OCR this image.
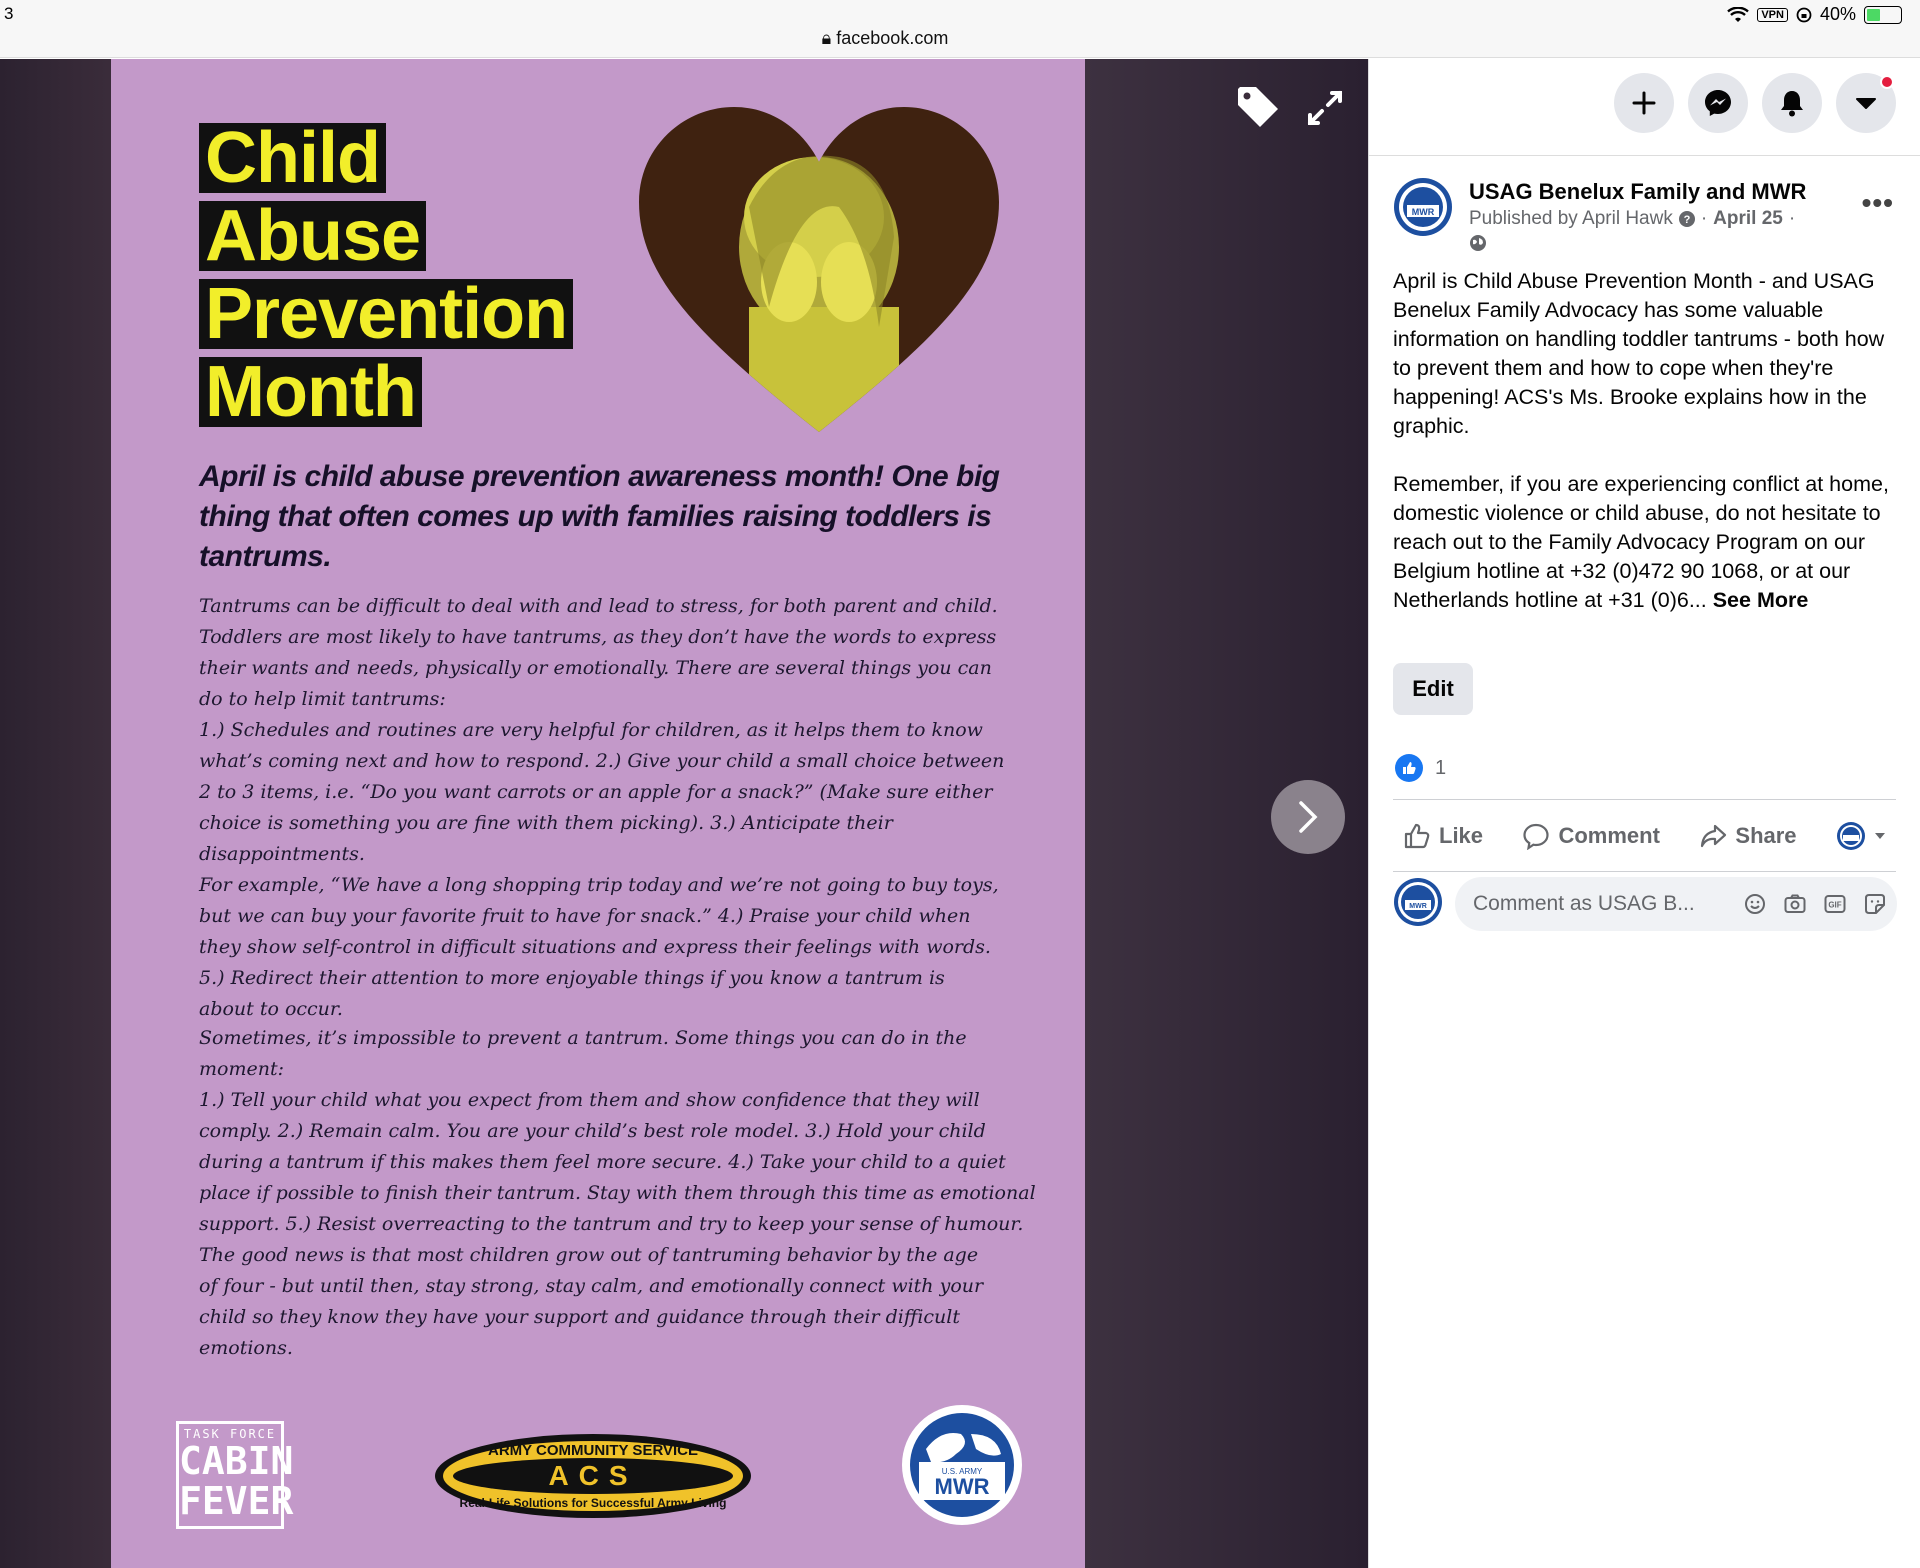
3	VPN 40%
🔒︎ facebook.com
Child
Abuse
Prevention
Month
April is child abuse prevention awareness month! One big thing that often comes up with families raising toddlers is tantrums.
Tantrums can be difficult to deal with and lead to stress, for both parent and child.
Toddlers are most likely to have tantrums, as they don’t have the words to express
their wants and needs, physically or emotionally. There are several things you can
do to help limit tantrums:
1.) Schedules and routines are very helpful for children, as it helps them to know
what’s coming next and how to respond. 2.) Give your child a small choice between
2 to 3 items, i.e. “Do you want carrots or an apple for a snack?” (Make sure either
choice is something you are fine with them picking). 3.) Anticipate their disappointments.
For example, “We have a long shopping trip today and we’re not going to buy toys,
but we can buy your favorite fruit to have for snack.” 4.) Praise your child when
they show self-control in difficult situations and express their feelings with words.
5.) Redirect their attention to more enjoyable things if you know a tantrum is
about to occur.
Sometimes, it’s impossible to prevent a tantrum. Some things you can do in the
moment:
1.) Tell your child what you expect from them and show confidence that they will
comply. 2.) Remain calm. You are your child’s best role model. 3.) Hold your child
during a tantrum if this makes them feel more secure. 4.) Take your child to a quiet
place if possible to finish their tantrum. Stay with them through this time as emotional
support. 5.) Resist overreacting to the tantrum and try to keep your sense of humour.
The good news is that most children grow out of tantruming behavior by the age
of four - but until then, stay strong, stay calm, and emotionally connect with your
child so they know they have your support and guidance through their difficult
emotions.
TASK FORCE
CABIN
FEVER
ARMY COMMUNITY SERVICE
ACS
Real-Life Solutions for Successful Army Living
U.S. ARMY
MWR
MWR
USAG Benelux Family and MWR
Published by April Hawk ? · April 25 ·
•••
April is Child Abuse Prevention Month - and USAG Benelux Family Advocacy has some valuable information on handling toddler tantrums - both how to prevent them and how to cope when they're happening! ACS's Ms. Brooke explains how in the graphic.

Remember, if you are experiencing conflict at home, domestic violence or child abuse, do not hesitate to reach out to the Family Advocacy Program on our Belgium hotline at +32 (0)472 90 1068, or at our Netherlands hotline at +31 (0)6... See More
Edit
1
Like	Comment	Share
MWR Comment as USAG B...	GIF
